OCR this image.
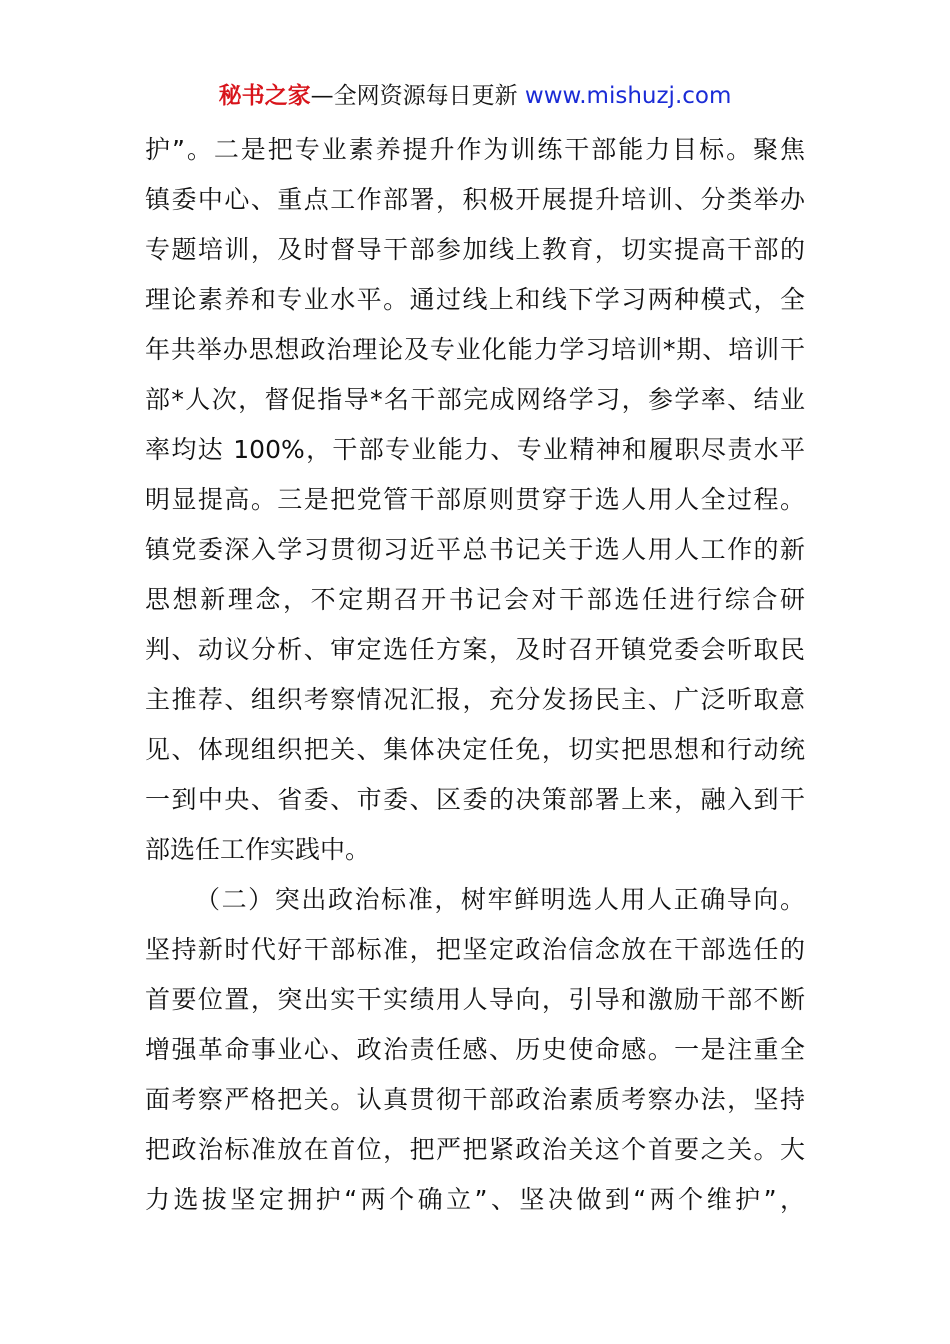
秘书之家—全网资源每日更新 www.mishuzj.com
护”。二是把专业素养提升作为训练干部能力目标。聚焦
镇委中心、重点工作部署，积极开展提升培训、分类举办
专题培训，及时督导干部参加线上教育，切实提高干部的
理论素养和专业水平。通过线上和线下学习两种模式，全
年共举办思想政治理论及专业化能力学习培训*期、培训干
部*人次，督促指导*名干部完成网络学习，参学率、结业
率均达 100%，干部专业能力、专业精神和履职尽责水平
明显提高。三是把党管干部原则贯穿于选人用人全过程。
镇党委深入学习贯彻习近平总书记关于选人用人工作的新
思想新理念，不定期召开书记会对干部选任进行综合研
判、动议分析、审定选任方案，及时召开镇党委会听取民
主推荐、组织考察情况汇报，充分发扬民主、广泛听取意
见、体现组织把关、集体决定任免，切实把思想和行动统
一到中央、省委、市委、区委的决策部署上来，融入到干
部选任工作实践中。
（二）突出政治标准，树牢鲜明选人用人正确导向。
坚持新时代好干部标准，把坚定政治信念放在干部选任的
首要位置，突出实干实绩用人导向，引导和激励干部不断
增强革命事业心、政治责任感、历史使命感。一是注重全
面考察严格把关。认真贯彻干部政治素质考察办法，坚持
把政治标准放在首位，把严把紧政治关这个首要之关。大
力选拔坚定拥护“两个确立”、坚决做到“两个维护”，
